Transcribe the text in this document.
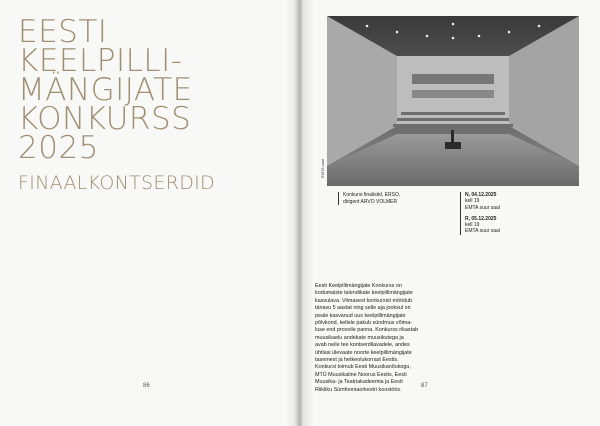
EESTI
KEELPILLI-
MÄNGIJATE
KONKURSS
2025
FINAALKONTSERDID
86
EMTA saal
Konkursi finalistid, ERSO,
dirigent ARVO VOLMER
N, 04.12.2025
kell 19
EMTA suur saal
R, 05.12.2025
kell 19
EMTA suur saal
Eesti Keelpillimängijate Konkurss on
kodumaiste talendikate keelpillimängijate
kasvulava. Viimasest konkursist möödub
tänavu 5 aastat ning selle aja jooksul on
peale kasvanud uus keelpillimängijate
põlvkond, kellele pakub sündmus võima-
luse end proovile panna. Konkurss rikastab
muusikaelu andekate muusikutega ja
avab neile tee kontserdilavadele, andes
ühtlasi ülevaate noorte keelpillimängijate
tasemest ja hetkeolukorrast Eestis.
Konkursi toimub Eesti Muusikanõukogu,
MTÜ Muusikaline Noorus Eestis, Eesti
Muusika- ja Teatriakadeemia ja Eesti
Riikliku Sümfooniaorkestri koostöös.
87
